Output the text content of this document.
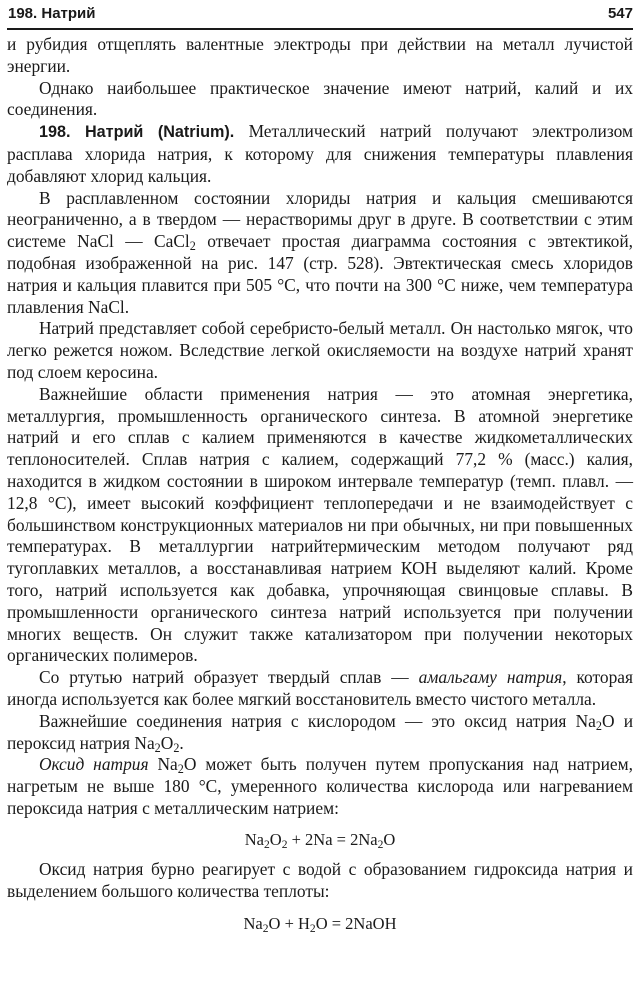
198. Натрий	547

и рубидия отщеплять валентные электроды при действии на металл лучистой энергии.

Однако наибольшее практическое значение имеют натрий, калий и их соединения.

198. Натрий (Natrium). Металлический натрий получают электролизом расплава хлорида натрия, к которому для снижения температуры плавления добавляют хлорид кальция.

В расплавленном состоянии хлориды натрия и кальция смешиваются неограниченно, а в твердом — нерастворимы друг в друге. В соответствии с этим системе NaCl — CaCl$_2$ отвечает простая диаграмма состояния с эвтектикой, подобная изображенной на рис. 147 (стр. 528). Эвтектическая смесь хлоридов натрия и кальция плавится при 505 °С, что почти на 300 °С ниже, чем температура плавления NaCl.

Натрий представляет собой серебристо-белый металл. Он настолько мягок, что легко режется ножом. Вследствие легкой окисляемости на воздухе натрий хранят под слоем керосина.

Важнейшие области применения натрия — это атомная энергетика, металлургия, промышленность органического синтеза. В атомной энергетике натрий и его сплав с калием применяются в качестве жидкометаллических теплоносителей. Сплав натрия с калием, содержащий 77,2 % (масс.) калия, находится в жидком состоянии в широком интервале температур (темп. плавл. —12,8 °С), имеет высокий коэффициент теплопередачи и не взаимодействует с большинством конструкционных материалов ни при обычных, ни при повышенных температурах. В металлургии натрийтермическим методом получают ряд тугоплавких металлов, а восстанавливая натрием КОН выделяют калий. Кроме того, натрий используется как добавка, упрочняющая свинцовые сплавы. В промышленности органического синтеза натрий используется при получении многих веществ. Он служит также катализатором при получении некоторых органических полимеров.

Со ртутью натрий образует твердый сплав — амальгаму натрия, которая иногда используется как более мягкий восстановитель вместо чистого металла.

Важнейшие соединения натрия с кислородом — это оксид натрия $Na_2O$ и пероксид натрия $Na_2O_2$.

Оксид натрия $Na_2O$ может быть получен путем пропускания над натрием, нагретым не выше 180 °С, умеренного количества кислорода или нагреванием пероксида натрия с металлическим натрием:

$Na_2O_2 + 2Na = 2Na_2O$

Оксид натрия бурно реагирует с водой с образованием гидроксида натрия и выделением большого количества теплоты:

$Na_2O + H_2O$ = 2NaOH
